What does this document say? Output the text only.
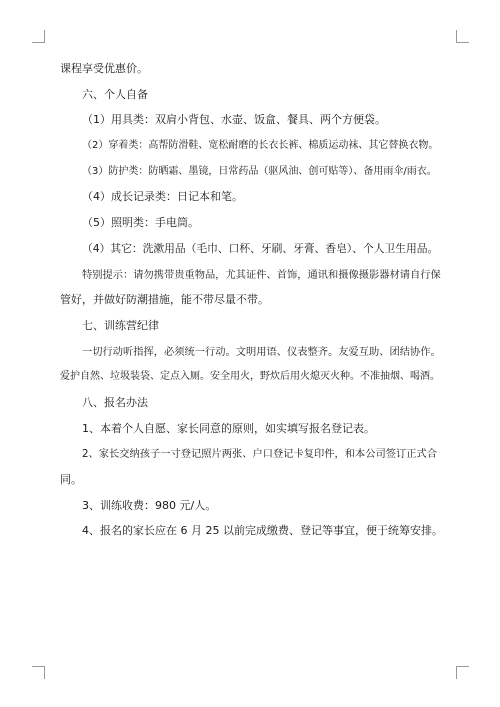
课程享受优惠价。
六、个人自备
（1）用具类：双肩小背包、水壶、饭盒、餐具、两个方便袋。
（2）穿着类：高帮防滑鞋、宽松耐磨的长衣长裤、棉质运动袜、其它替换衣物。
（3）防护类：防晒霜、墨镜，日常药品（驱风油、创可贴等）、备用雨伞/雨衣。
（4）成长记录类：日记本和笔。
（5）照明类：手电筒。
（4）其它：洗漱用品（毛巾、口杯、牙刷、牙膏、香皂）、个人卫生用品。
特别提示：请勿携带贵重物品，尤其证件、首饰，通讯和摄像摄影器材请自行保
管好，并做好防潮措施，能不带尽量不带。
七、训练营纪律
一切行动听指挥，必须统一行动。文明用语、仪表整齐。友爱互助、团结协作。
爱护自然、垃圾装袋、定点入厕。安全用火，野炊后用火熄灭火种。不准抽烟、喝酒。
八、报名办法
1、本着个人自愿、家长同意的原则，如实填写报名登记表。
2、家长交纳孩子一寸登记照片两张、户口登记卡复印件，和本公司签订正式合
同。
3、训练收费：980 元/人。
4、报名的家长应在 6 月 25 以前完成缴费、登记等事宜，便于统筹安排。
